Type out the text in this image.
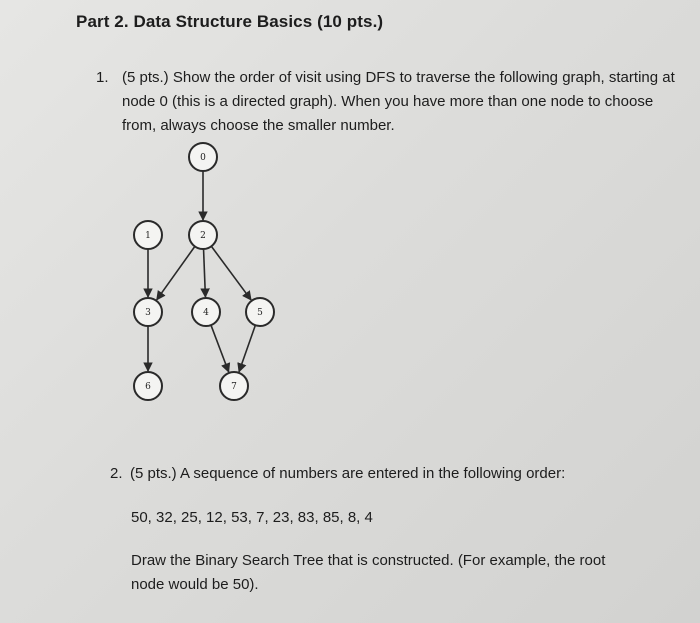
Part 2. Data Structure Basics (10 pts.)
1. (5 pts.) Show the order of visit using DFS to traverse the following graph, starting at node 0 (this is a directed graph). When you have more than one node to choose from, always choose the smaller number.
0
1	2
3	4	5
6	7
2. (5 pts.) A sequence of numbers are entered in the following order:
50, 32, 25, 12, 53, 7, 23, 83, 85, 8, 4
Draw the Binary Search Tree that is constructed. (For example, the root node would be 50).
